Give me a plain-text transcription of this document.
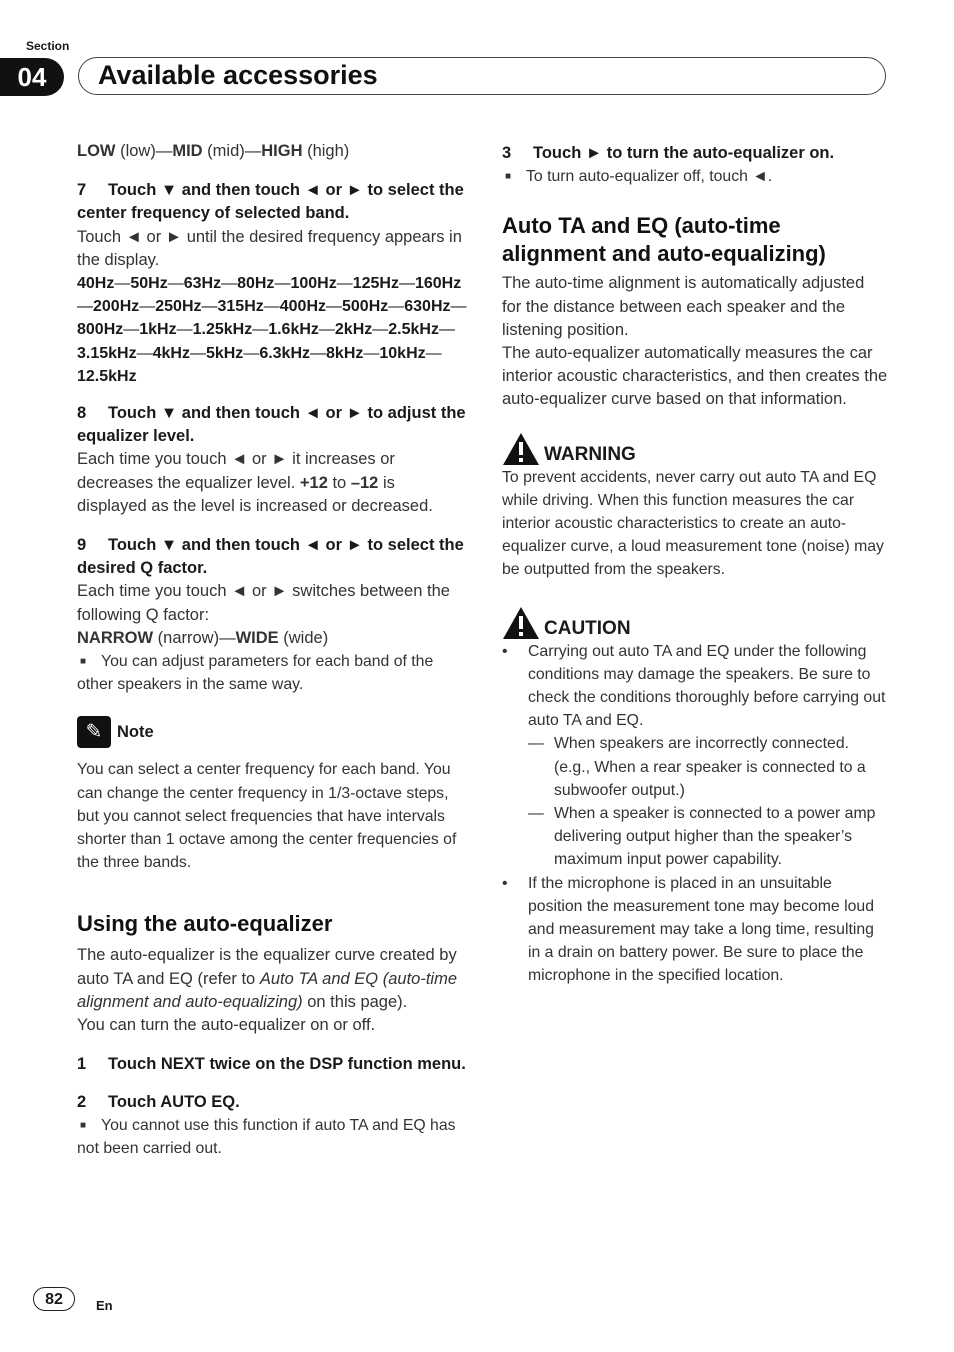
Section
04	Available accessories

LOW (low)—MID (mid)—HIGH (high)

7 Touch ▼ and then touch ◄ or ► to select the center frequency of selected band.

Touch ◄ or ► until the desired frequency appears in the display.

40Hz—50Hz—63Hz—80Hz—100Hz—125Hz—160Hz—200Hz—250Hz—315Hz—400Hz—500Hz—630Hz—800Hz—1kHz—1.25kHz—1.6kHz—2kHz—2.5kHz—3.15kHz—4kHz—5kHz—6.3kHz—8kHz—10kHz—12.5kHz

8 Touch ▼ and then touch ◄ or ► to adjust the equalizer level.

Each time you touch ◄ or ► it increases or decreases the equalizer level. +12 to –12 is displayed as the level is increased or decreased.

9 Touch ▼ and then touch ◄ or ► to select the desired Q factor.

Each time you touch ◄ or ► switches between the following Q factor:

NARROW (narrow)—WIDE (wide)

■ You can adjust parameters for each band of the other speakers in the same way.

✎ Note

You can select a center frequency for each band. You can change the center frequency in 1/3-octave steps, but you cannot select frequencies that have intervals shorter than 1 octave among the center frequencies of the three bands.

Using the auto-equalizer

The auto-equalizer is the equalizer curve created by auto TA and EQ (refer to Auto TA and EQ (auto-time alignment and auto-equalizing) on this page).

You can turn the auto-equalizer on or off.

1 Touch NEXT twice on the DSP function menu.

2 Touch AUTO EQ.

■ You cannot use this function if auto TA and EQ has not been carried out.

3 Touch ► to turn the auto-equalizer on.

■ To turn auto-equalizer off, touch ◄.

Auto TA and EQ (auto-time alignment and auto-equalizing)

The auto-time alignment is automatically adjusted for the distance between each speaker and the listening position.

The auto-equalizer automatically measures the car interior acoustic characteristics, and then creates the auto-equalizer curve based on that information.

WARNING

To prevent accidents, never carry out auto TA and EQ while driving. When this function measures the car interior acoustic characteristics to create an auto-equalizer curve, a loud measurement tone (noise) may be outputted from the speakers.

CAUTION
•	Carrying out auto TA and EQ under the following conditions may damage the speakers. Be sure to check the conditions thoroughly before carrying out auto TA and EQ.
— When speakers are incorrectly connected. (e.g., When a rear speaker is connected to a subwoofer output.)
— When a speaker is connected to a power amp delivering output higher than the speaker’s maximum input power capability.
•	If the microphone is placed in an unsuitable position the measurement tone may become loud and measurement may take a long time, resulting in a drain on battery power. Be sure to place the microphone in the specified location.
82	En
